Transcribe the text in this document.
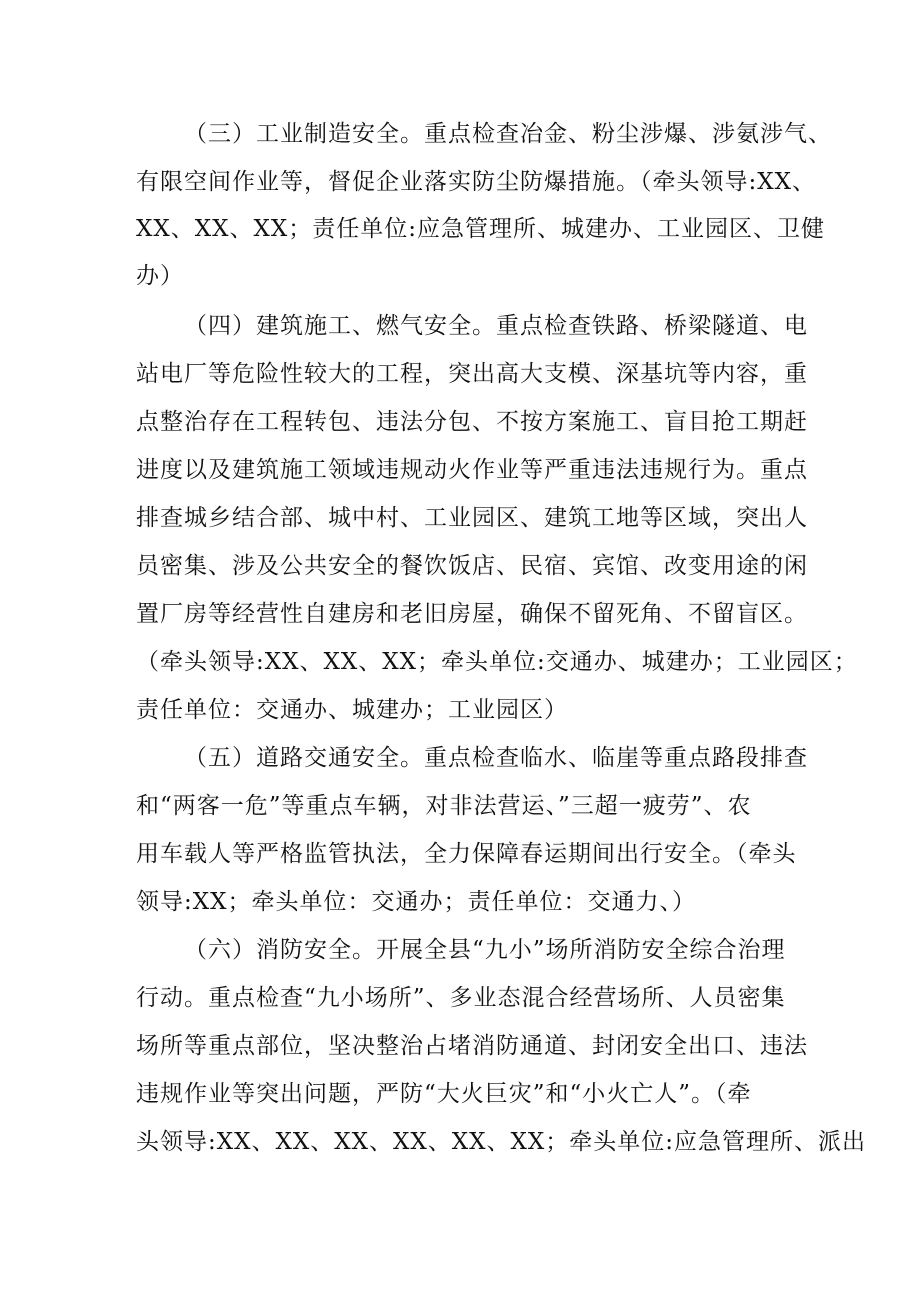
（三）工业制造安全。重点检查冶金、粉尘涉爆、涉氨涉气、
有限空间作业等，督促企业落实防尘防爆措施。（牵头领导:XX、
XX、XX、XX；责任单位:应急管理所、城建办、工业园区、卫健
办）
（四）建筑施工、燃气安全。重点检查铁路、桥梁隧道、电
站电厂等危险性较大的工程，突出高大支模、深基坑等内容，重
点整治存在工程转包、违法分包、不按方案施工、盲目抢工期赶
进度以及建筑施工领域违规动火作业等严重违法违规行为。重点
排查城乡结合部、城中村、工业园区、建筑工地等区域，突出人
员密集、涉及公共安全的餐饮饭店、民宿、宾馆、改变用途的闲
置厂房等经营性自建房和老旧房屋，确保不留死角、不留盲区。
（牵头领导:XX、XX、XX；牵头单位:交通办、城建办；工业园区；
责任单位：交通办、城建办；工业园区）
（五）道路交通安全。重点检查临水、临崖等重点路段排查
和“两客一危”等重点车辆，对非法营运、”三超一疲劳”、农
用车载人等严格监管执法，全力保障春运期间出行安全。（牵头
领导:XX；牵头单位：交通办；责任单位：交通力、）
（六）消防安全。开展全县“九小”场所消防安全综合治理
行动。重点检查“九小场所”、多业态混合经营场所、人员密集
场所等重点部位，坚决整治占堵消防通道、封闭安全出口、违法
违规作业等突出问题，严防“大火巨灾”和“小火亡人”。（牵
头领导:XX、XX、XX、XX、XX、XX；牵头单位:应急管理所、派出
